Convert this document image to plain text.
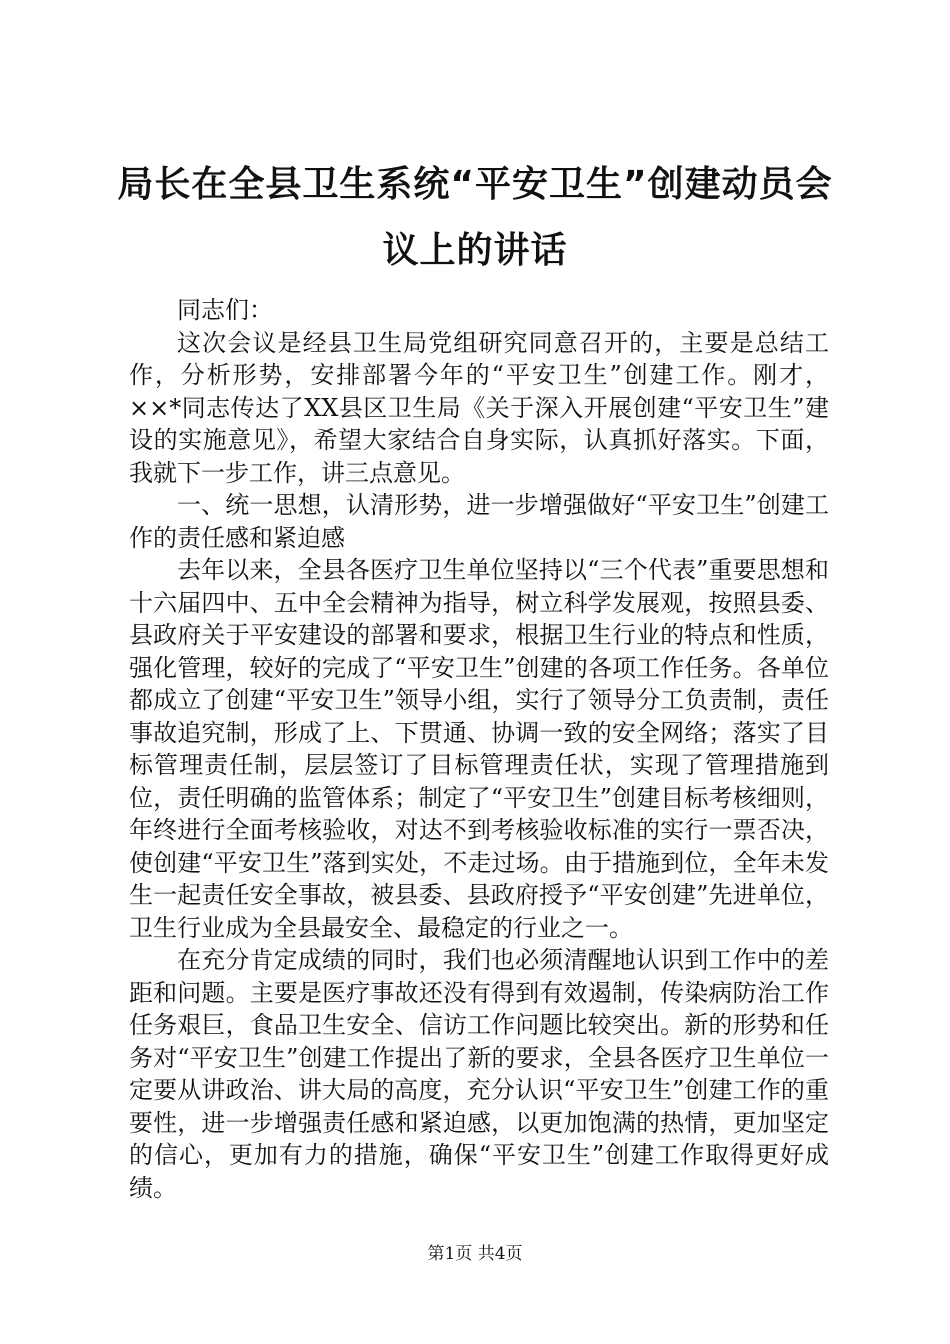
局长在全县卫生系统“平安卫生”创建动员会议上的讲话

同志们：

这次会议是经县卫生局党组研究同意召开的，主要是总结工作，分析形势，安排部署今年的“平安卫生”创建工作。刚才，××*同志传达了XX县区卫生局《关于深入开展创建“平安卫生”建设的实施意见》，希望大家结合自身实际，认真抓好落实。下面，我就下一步工作，讲三点意见。

一、统一思想，认清形势，进一步增强做好“平安卫生”创建工作的责任感和紧迫感

去年以来，全县各医疗卫生单位坚持以“三个代表”重要思想和十六届四中、五中全会精神为指导，树立科学发展观，按照县委、县政府关于平安建设的部署和要求，根据卫生行业的特点和性质，强化管理，较好的完成了“平安卫生”创建的各项工作任务。各单位都成立了创建“平安卫生”领导小组，实行了领导分工负责制，责任事故追究制，形成了上、下贯通、协调一致的安全网络；落实了目标管理责任制，层层签订了目标管理责任状，实现了管理措施到位，责任明确的监管体系；制定了“平安卫生”创建目标考核细则，年终进行全面考核验收，对达不到考核验收标准的实行一票否决，使创建“平安卫生”落到实处，不走过场。由于措施到位，全年未发生一起责任安全事故，被县委、县政府授予“平安创建”先进单位，卫生行业成为全县最安全、最稳定的行业之一。

在充分肯定成绩的同时，我们也必须清醒地认识到工作中的差距和问题。主要是医疗事故还没有得到有效遏制，传染病防治工作任务艰巨，食品卫生安全、信访工作问题比较突出。新的形势和任务对“平安卫生”创建工作提出了新的要求，全县各医疗卫生单位一定要从讲政治、讲大局的高度，充分认识“平安卫生”创建工作的重要性，进一步增强责任感和紧迫感，以更加饱满的热情，更加坚定的信心，更加有力的措施，确保“平安卫生”创建工作取得更好成绩。

第1页 共4页
